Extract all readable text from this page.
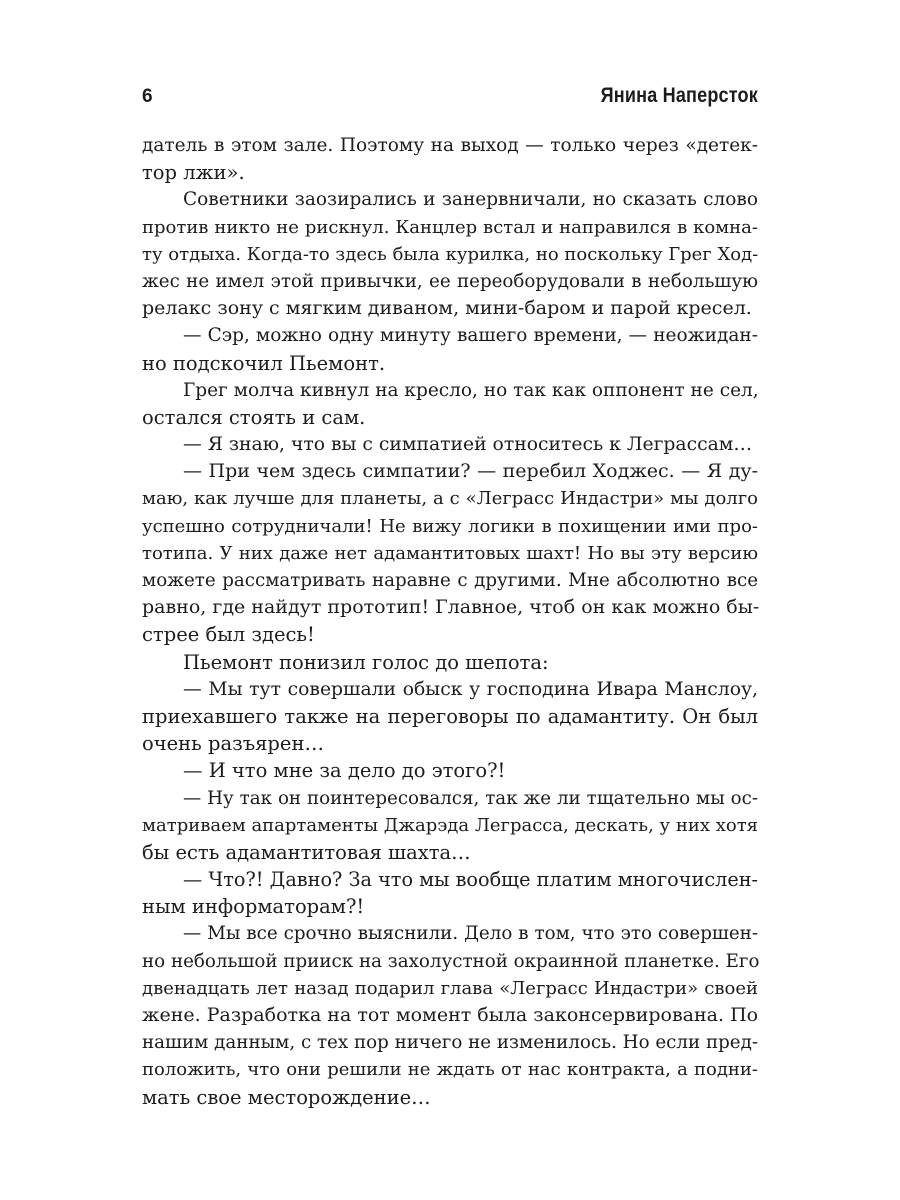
6	Янина Наперсток
датель в этом зале. Поэтому на выход — только через «детек-
тор лжи».
Советники заозирались и занервничали, но сказать слово
против никто не рискнул. Канцлер встал и направился в комна-
ту отдыха. Когда-то здесь была курилка, но поскольку Грег Ход-
жес не имел этой привычки, ее переоборудовали в небольшую
релакс зону с мягким диваном, мини-баром и парой кресел.
— Сэр, можно одну минуту вашего времени, — неожидан-
но подскочил Пьемонт.
Грег молча кивнул на кресло, но так как оппонент не сел,
остался стоять и сам.
— Я знаю, что вы с симпатией относитесь к Леграссам…
— При чем здесь симпатии? — перебил Ходжес. — Я ду-
маю, как лучше для планеты, а с «Леграсс Индастри» мы долго
успешно сотрудничали! Не вижу логики в похищении ими про-
тотипа. У них даже нет адамантитовых шахт! Но вы эту версию
можете рассматривать наравне с другими. Мне абсолютно все
равно, где найдут прототип! Главное, чтоб он как можно бы-
стрее был здесь!
Пьемонт понизил голос до шепота:
— Мы тут совершали обыск у господина Ивара Манслоу,
приехавшего также на переговоры по адамантиту. Он был
очень разъярен…
— И что мне за дело до этого?!
— Ну так он поинтересовался, так же ли тщательно мы ос-
матриваем апартаменты Джарэда Леграсса, дескать, у них хотя
бы есть адамантитовая шахта…
— Что?! Давно? За что мы вообще платим многочислен-
ным информаторам?!
— Мы все срочно выяснили. Дело в том, что это совершен-
но небольшой прииск на захолустной окраинной планетке. Его
двенадцать лет назад подарил глава «Леграсс Индастри» своей
жене. Разработка на тот момент была законсервирована. По
нашим данным, с тех пор ничего не изменилось. Но если пред-
положить, что они решили не ждать от нас контракта, а подни-
мать свое месторождение…
